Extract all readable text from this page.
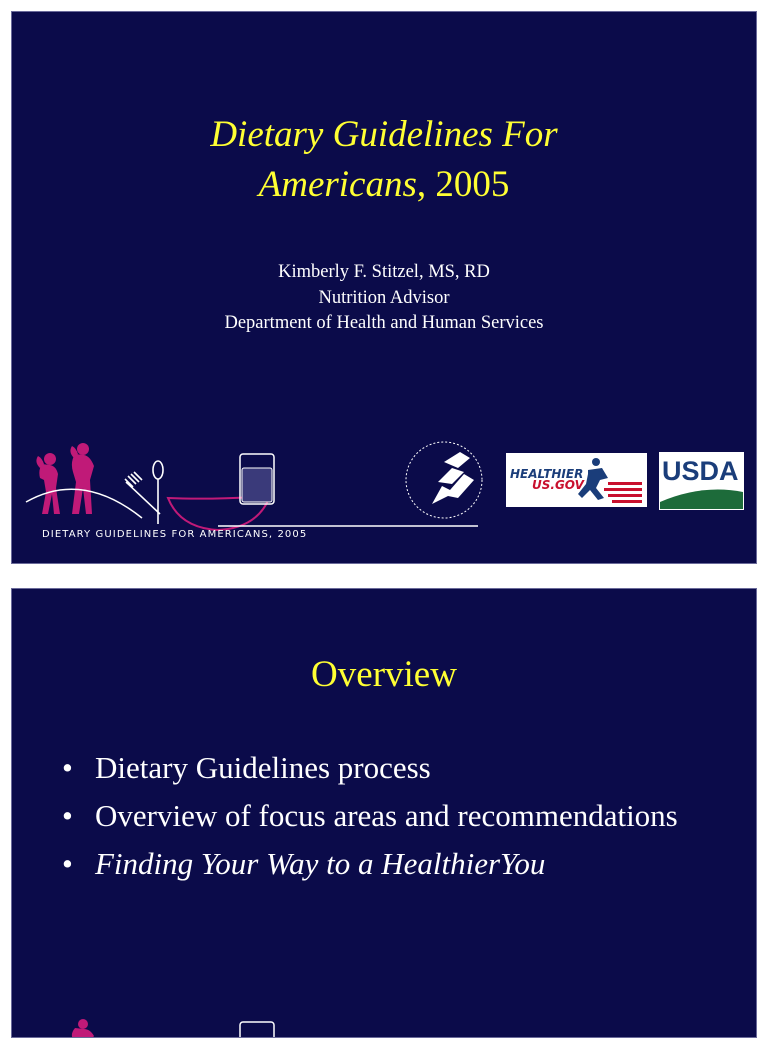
Dietary Guidelines For
Americans, 2005
Kimberly F. Stitzel, MS, RD
Nutrition Advisor
Department of Health and Human Services
HEALTHIER
US.GOV	USDA
DIETARY GUIDELINES FOR AMERICANS, 2005
Overview
• Dietary Guidelines process
• Overview of focus areas and recommendations
• Finding Your Way to a HealthierYou
